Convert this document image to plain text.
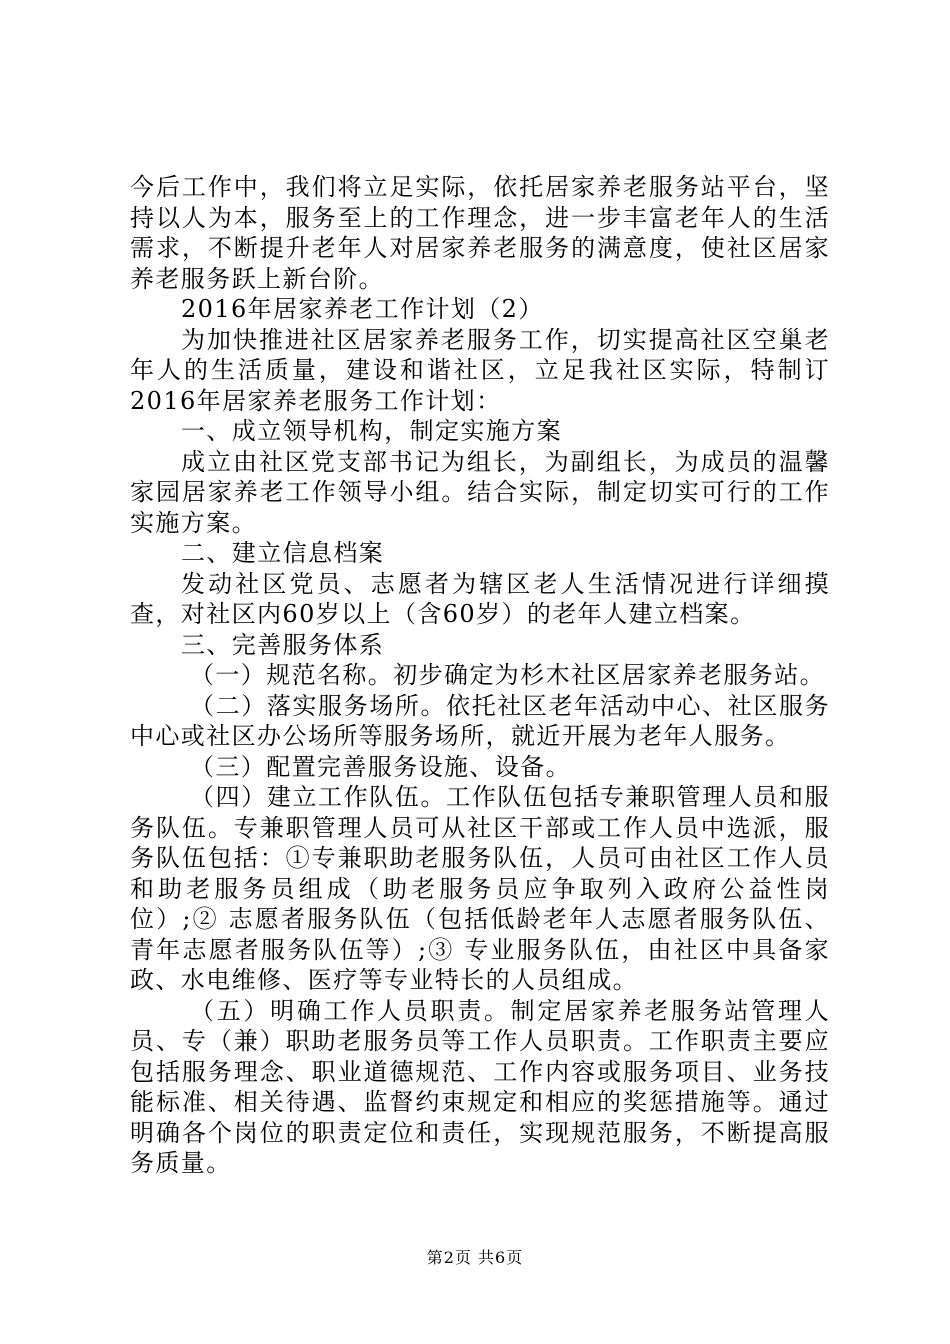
今后工作中，我们将立足实际，依托居家养老服务站平台，坚持以人为本，服务至上的工作理念，进一步丰富老年人的生活需求，不断提升老年人对居家养老服务的满意度，使社区居家养老服务跃上新台阶。

2016年居家养老工作计划（2）

为加快推进社区居家养老服务工作，切实提高社区空巢老年人的生活质量，建设和谐社区，立足我社区实际，特制订2016年居家养老服务工作计划：

一、成立领导机构，制定实施方案

成立由社区党支部书记为组长，为副组长，为成员的温馨家园居家养老工作领导小组。结合实际，制定切实可行的工作实施方案。

二、建立信息档案

发动社区党员、志愿者为辖区老人生活情况进行详细摸查，对社区内60岁以上（含60岁）的老年人建立档案。

三、完善服务体系

（一）规范名称。初步确定为杉木社区居家养老服务站。

（二）落实服务场所。依托社区老年活动中心、社区服务中心或社区办公场所等服务场所，就近开展为老年人服务。

（三）配置完善服务设施、设备。

（四）建立工作队伍。工作队伍包括专兼职管理人员和服务队伍。专兼职管理人员可从社区干部或工作人员中选派，服务队伍包括：①专兼职助老服务队伍，人员可由社区工作人员和助老服务员组成（助老服务员应争取列入政府公益性岗位）;② 志愿者服务队伍（包括低龄老年人志愿者服务队伍、青年志愿者服务队伍等）;③ 专业服务队伍，由社区中具备家政、水电维修、医疗等专业特长的人员组成。

（五）明确工作人员职责。制定居家养老服务站管理人员、专（兼）职助老服务员等工作人员职责。工作职责主要应包括服务理念、职业道德规范、工作内容或服务项目、业务技能标准、相关待遇、监督约束规定和相应的奖惩措施等。通过明确各个岗位的职责定位和责任，实现规范服务，不断提高服务质量。

第2页 共6页
